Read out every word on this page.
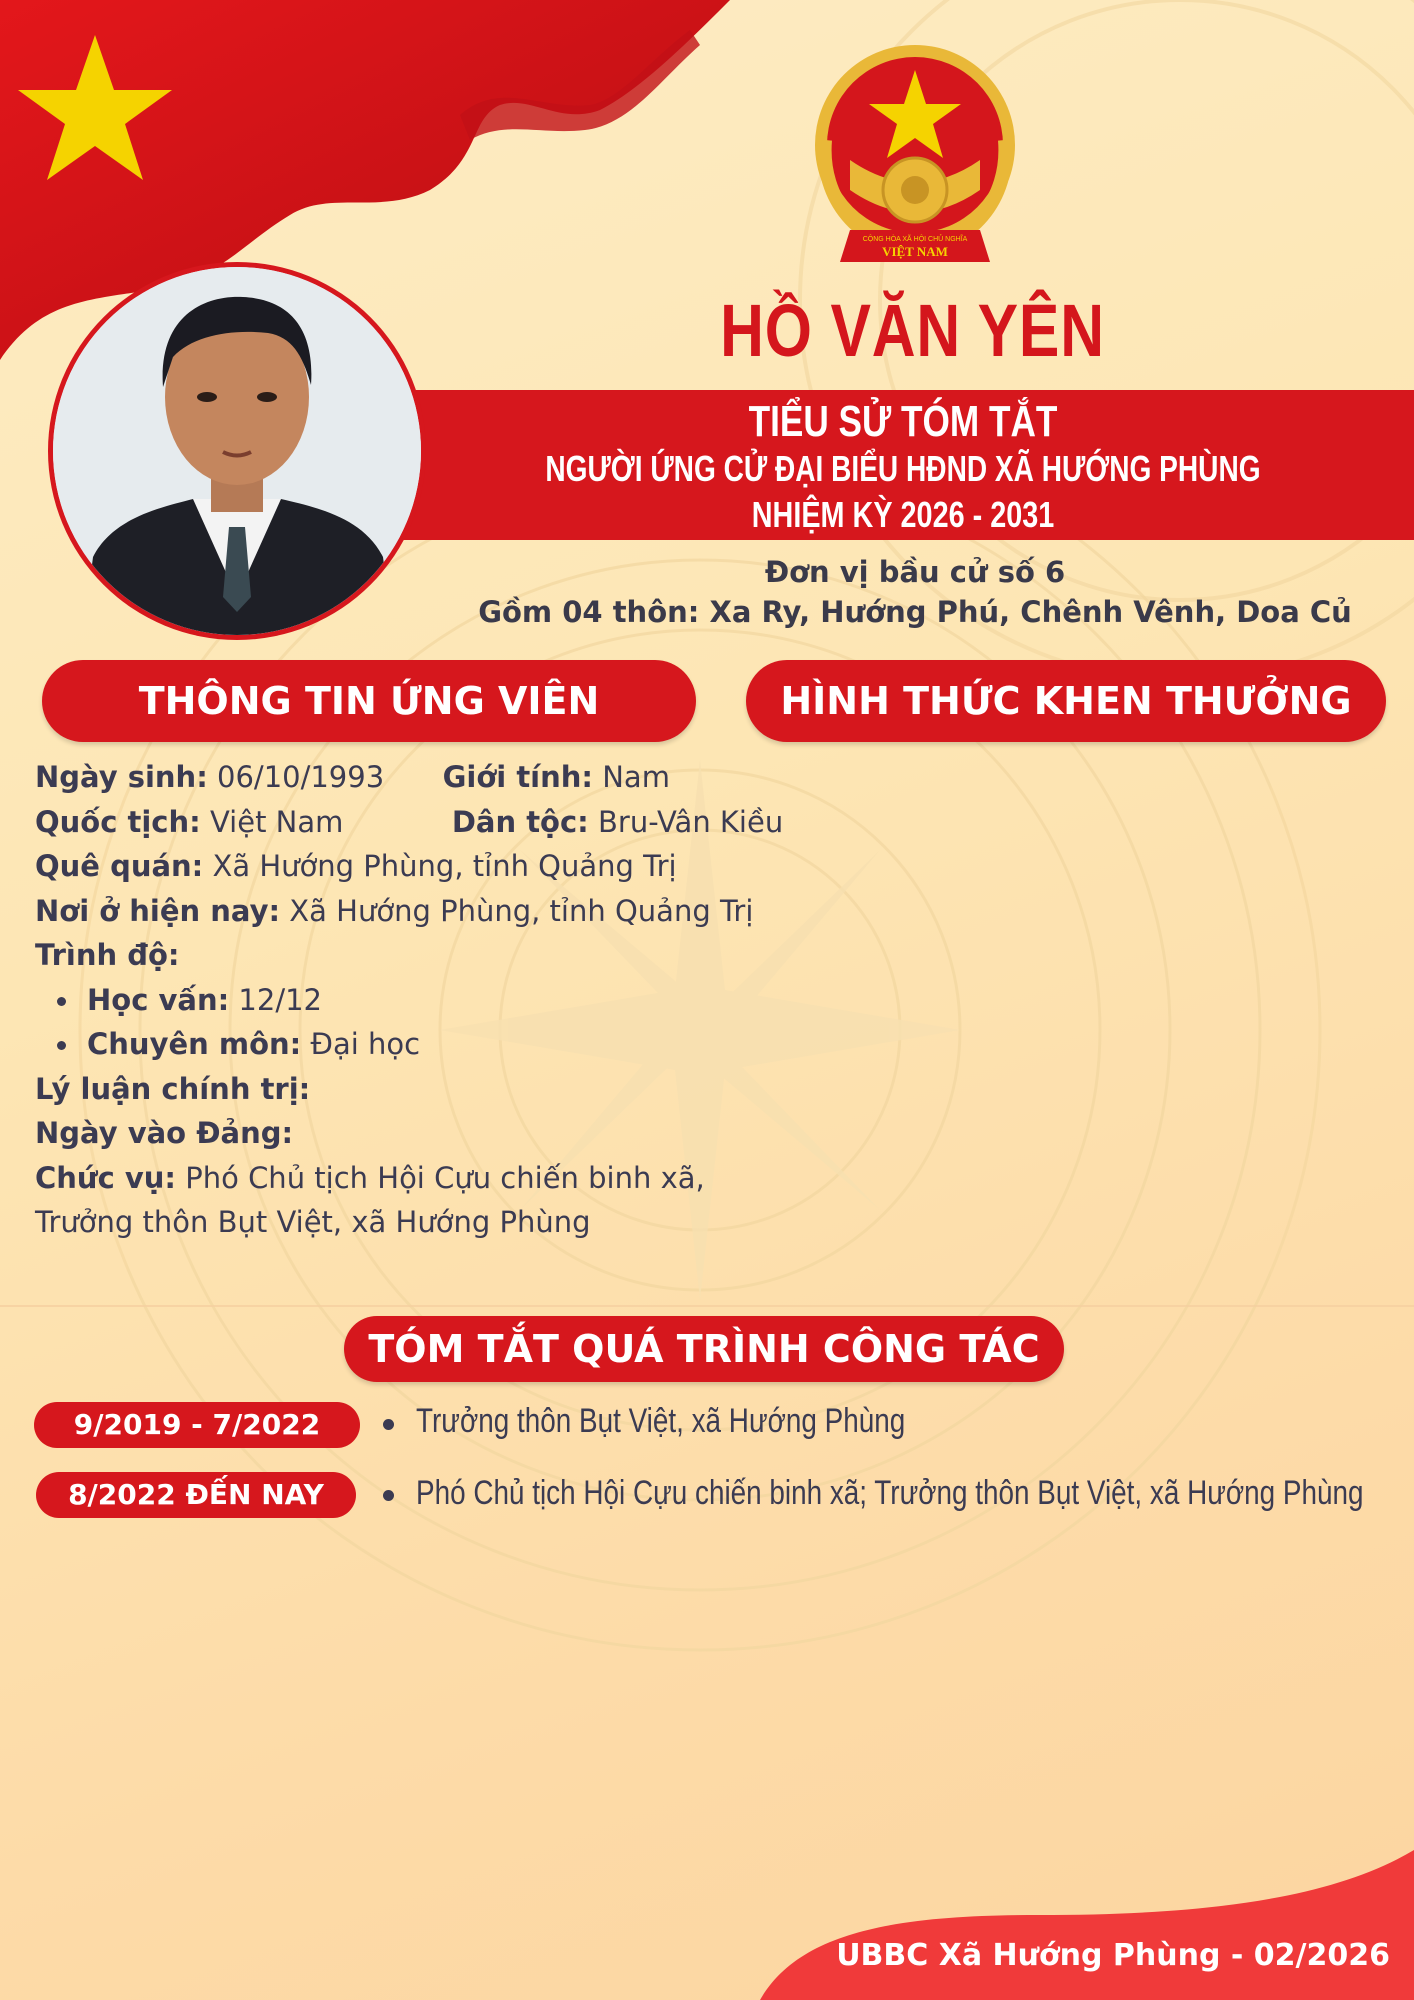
CỘNG HÒA XÃ HỘI CHỦ NGHĨA
VIỆT NAM
HỒ VĂN YÊN
TIỂU SỬ TÓM TẮT
NGƯỜI ỨNG CỬ ĐẠI BIỂU HĐND XÃ HƯỚNG PHÙNG
NHIỆM KỲ 2026 - 2031
Đơn vị bầu cử số 6
Gồm 04 thôn: Xa Ry, Hướng Phú, Chênh Vênh, Doa Củ
THÔNG TIN ỨNG VIÊN	HÌNH THỨC KHEN THƯỞNG
Ngày sinh: 06/10/1993 Giới tính: Nam
Quốc tịch: Việt Nam	Dân tộc: Bru-Vân Kiều
Quê quán: Xã Hướng Phùng, tỉnh Quảng Trị
Nơi ở hiện nay: Xã Hướng Phùng, tỉnh Quảng Trị
Trình độ:
Học vấn: 12/12
Chuyên môn: Đại học
Lý luận chính trị:
Ngày vào Đảng:
Chức vụ: Phó Chủ tịch Hội Cựu chiến binh xã,
Trưởng thôn Bụt Việt, xã Hướng Phùng
TÓM TẮT QUÁ TRÌNH CÔNG TÁC
9/2019 - 7/2022	Trưởng thôn Bụt Việt, xã Hướng Phùng
8/2022 ĐẾN NAY	Phó Chủ tịch Hội Cựu chiến binh xã; Trưởng thôn Bụt Việt, xã Hướng Phùng
UBBC Xã Hướng Phùng - 02/2026
